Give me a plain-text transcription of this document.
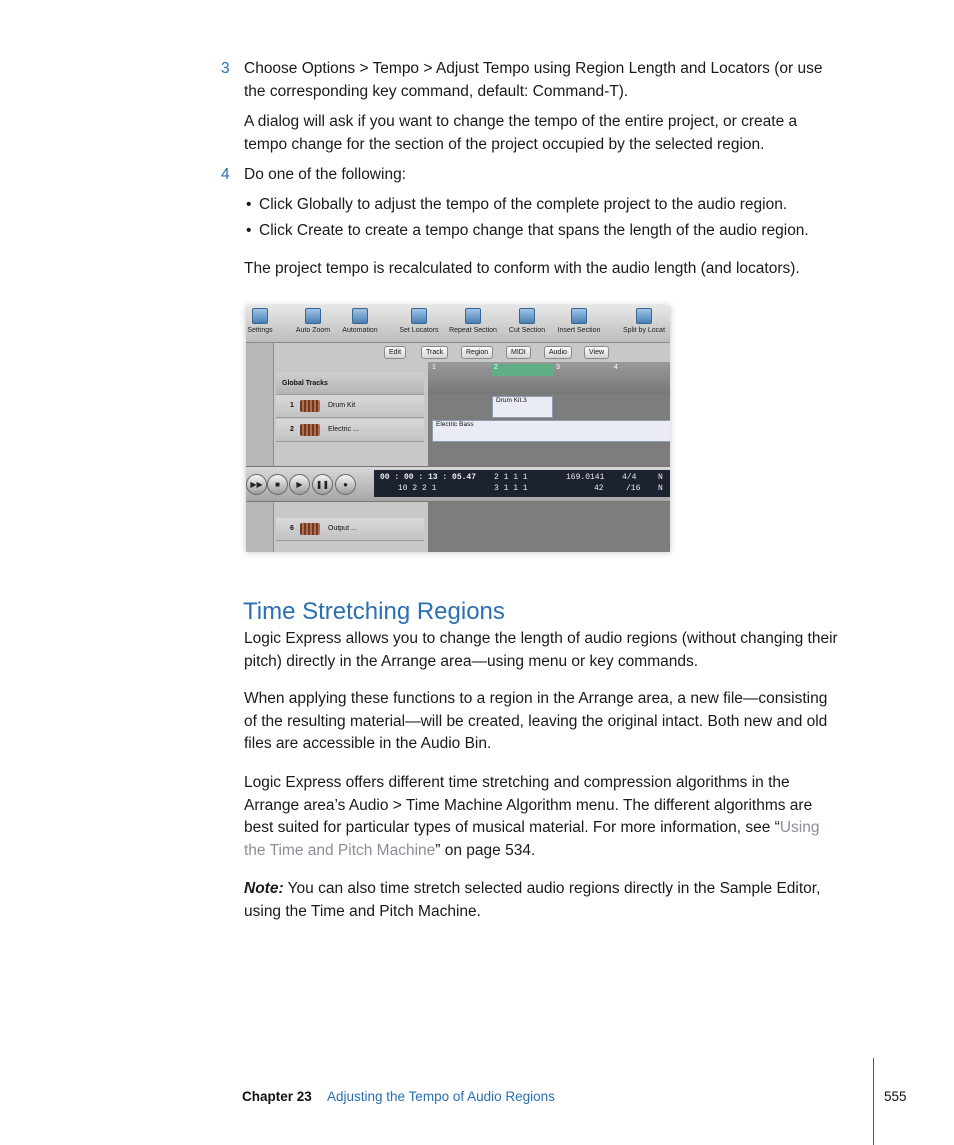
3 Choose Options > Tempo > Adjust Tempo using Region Length and Locators (or use
the corresponding key command, default: Command-T).

A dialog will ask if you want to change the tempo of the entire project, or create a
tempo change for the section of the project occupied by the selected region.

4 Do one of the following:

• Click Globally to adjust the tempo of the complete project to the audio region.
• Click Create to create a tempo change that spans the length of the audio region.

The project tempo is recalculated to conform with the audio length (and locators).

Settings	Auto Zoom	Automation	Set Locators	Repeat Section	Cut Section	Insert Section	Split by Locat
Edit	Track	Region	MIDI	Audio	View
Global Tracks
1	Drum Kit
2	Electric ...
6	Output ...
1	2	3	4
Drum Kit.3
Electric Bass
▶▶	■	▶	❚❚	●
00 : 00 : 13 : 05.47
10 2 2 1
2 1 1 1
3 1 1 1
169.0141
42
4/4
/16
N
N
Time Stretching Regions

Logic Express allows you to change the length of audio regions (without changing their
pitch) directly in the Arrange area—using menu or key commands.

When applying these functions to a region in the Arrange area, a new file—consisting
of the resulting material—will be created, leaving the original intact. Both new and old
files are accessible in the Audio Bin.

Logic Express offers different time stretching and compression algorithms in the
Arrange area’s Audio > Time Machine Algorithm menu. The different algorithms are
best suited for particular types of musical material. For more information, see “Using
the Time and Pitch Machine” on page 534.

Note: You can also time stretch selected audio regions directly in the Sample Editor,
using the Time and Pitch Machine.

Chapter 23 Adjusting the Tempo of Audio Regions	555
